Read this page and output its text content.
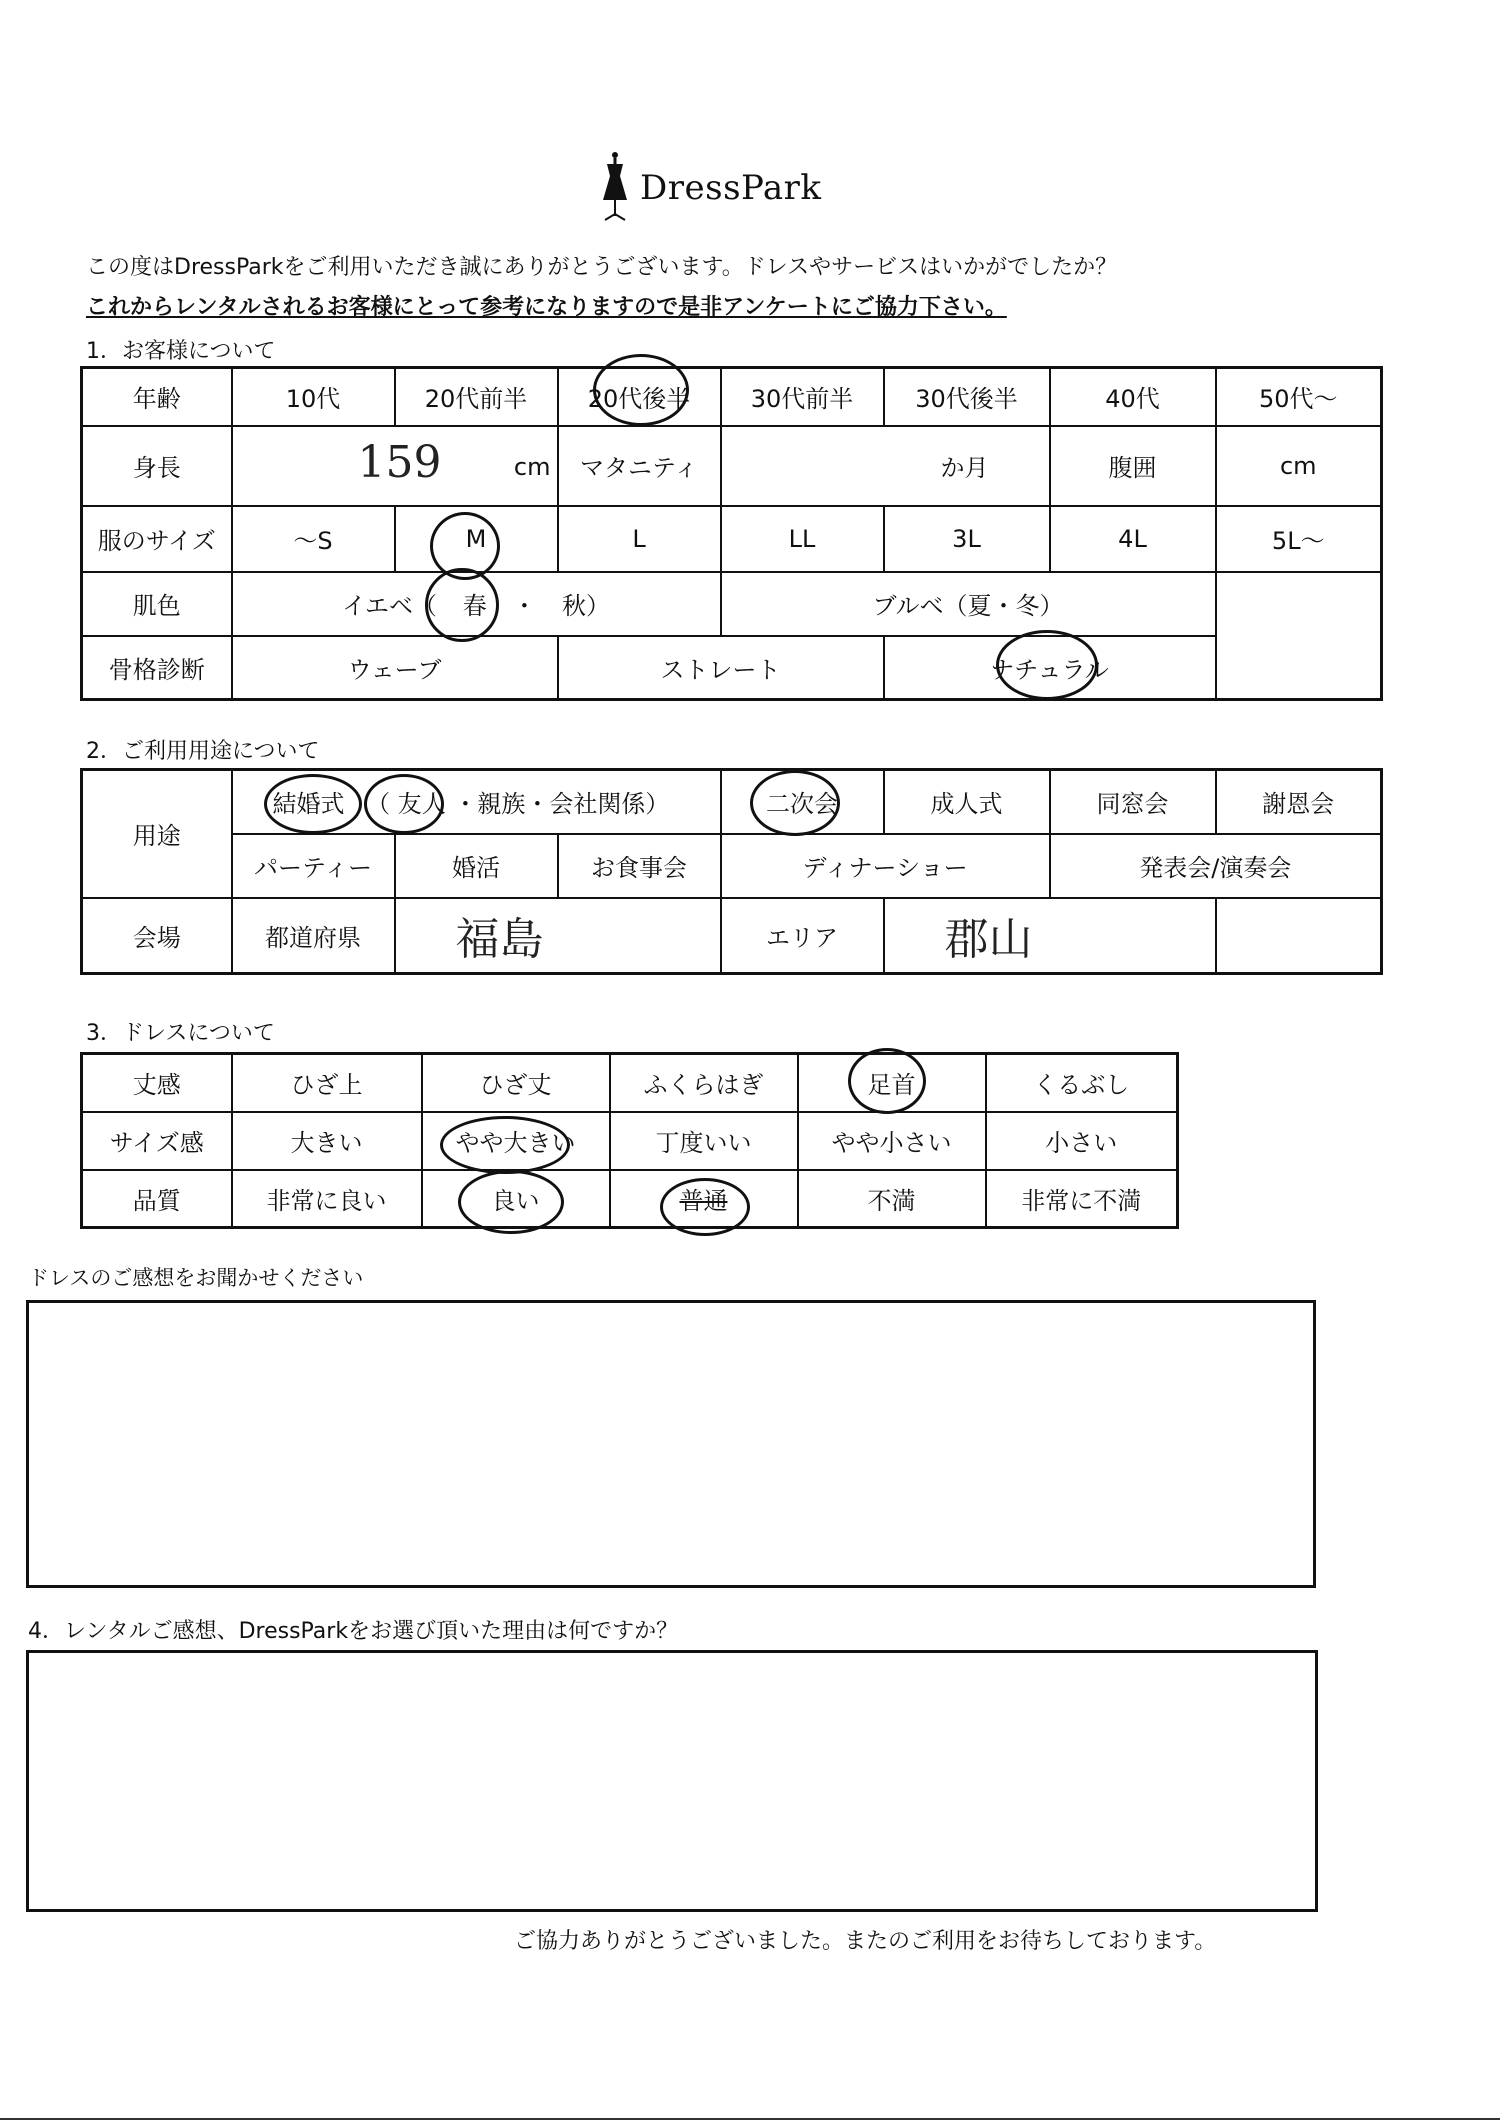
DressPark
この度はDressParkをご利用いただき誠にありがとうございます。ドレスやサービスはいかがでしたか？
これからレンタルされるお客様にとって参考になりますので是非アンケートにご協力下さい。
1．お客様について
年齢	10代	20代前半	20代後半	30代前半	30代後半	40代	50代～
身長	159 cm		マタニティ	か月		腹囲	cm
服のサイズ	～S	M	L	LL	3L	4L	5L～
肌色	イエベ（ 春 ・ 秋）			ブルベ（夏・冬）			
骨格診断	ウェーブ		ストレート		ナチュラル		
2．ご利用用途について
用途	結婚式 （ 友人 ・親族・会社関係）			二次会	成人式	同窓会	謝恩会
	パーティー	婚活	お食事会	ディナーショー		発表会/演奏会	
会場	都道府県	福島		エリア	郡山		
3．ドレスについて
丈感	ひざ上	ひざ丈	ふくらはぎ	足首	くるぶし
サイズ感	大きい	やや大きい	丁度いい	やや小さい	小さい
品質	非常に良い	良い	普通	不満	非常に不満
ドレスのご感想をお聞かせください
4．レンタルご感想、DressParkをお選び頂いた理由は何ですか？
ご協力ありがとうございました。またのご利用をお待ちしております。
